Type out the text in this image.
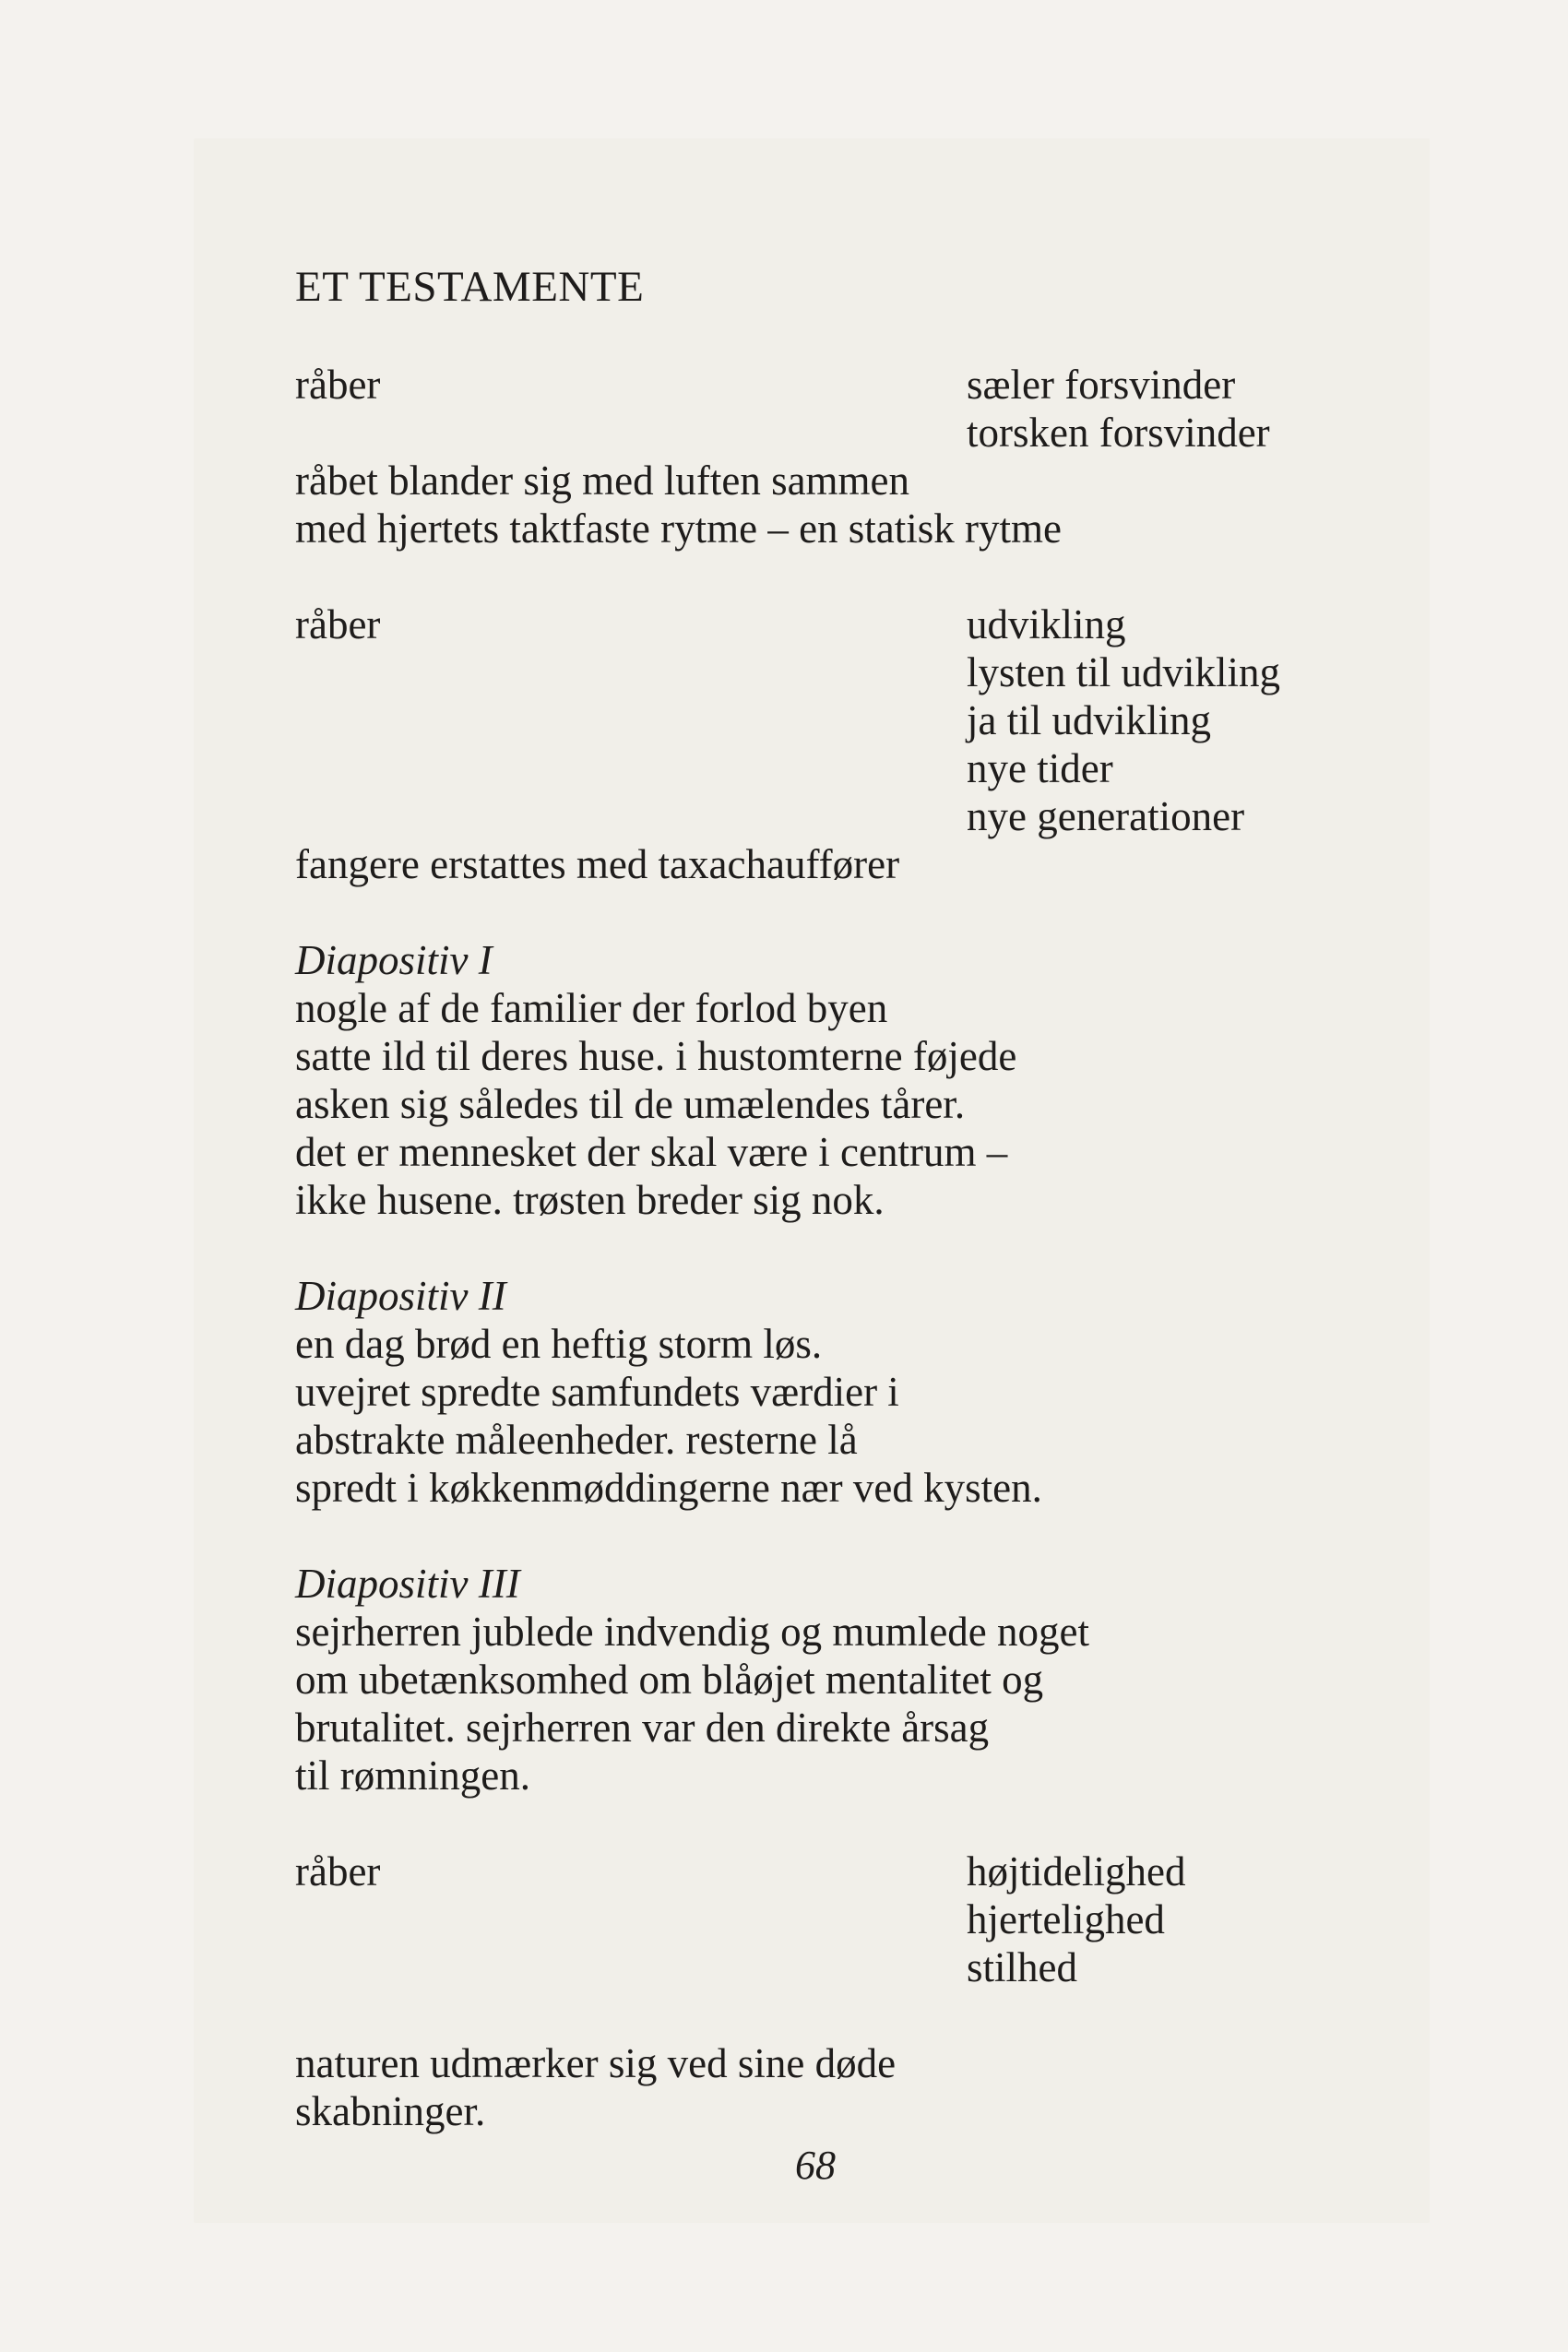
ET TESTAMENTE
råber	sæler forsvinder
torsken forsvinder
råbet blander sig med luften sammen
med hjertets taktfaste rytme – en statisk rytme
råber	udvikling
lysten til udvikling
ja til udvikling
nye tider
nye generationer
fangere erstattes med taxachauffører
Diapositiv I
nogle af de familier der forlod byen
satte ild til deres huse. i hustomterne føjede
asken sig således til de umælendes tårer.
det er mennesket der skal være i centrum –
ikke husene. trøsten breder sig nok.
Diapositiv II
en dag brød en heftig storm løs.
uvejret spredte samfundets værdier i
abstrakte måleenheder. resterne lå
spredt i køkkenmøddingerne nær ved kysten.
Diapositiv III
sejrherren jublede indvendig og mumlede noget
om ubetænksomhed om blåøjet mentalitet og
brutalitet. sejrherren var den direkte årsag
til rømningen.
råber	højtidelighed
hjertelighed
stilhed
naturen udmærker sig ved sine døde
skabninger.
68
